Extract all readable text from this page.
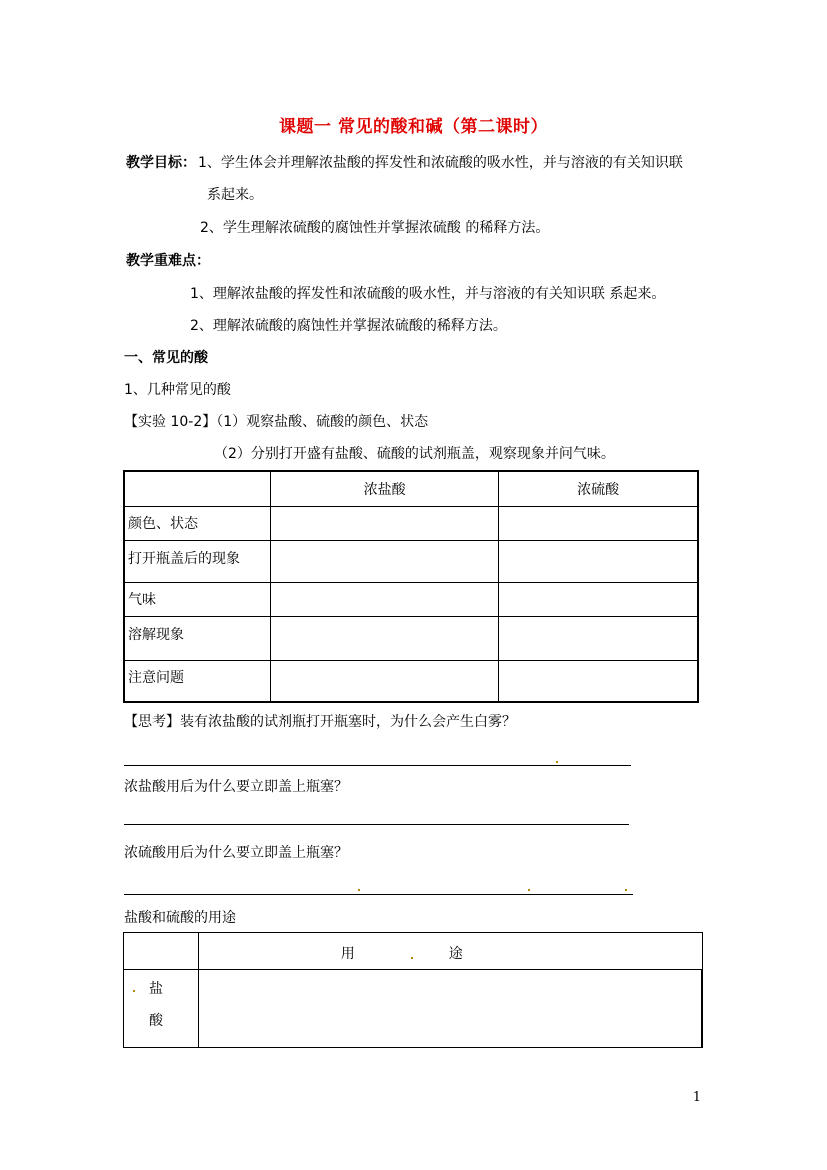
课题一 常见的酸和碱（第二课时）
教学目标： 1、学生体会并理解浓盐酸的挥发性和浓硫酸的吸水性，并与溶液的有关知识联
系起来。
2、学生理解浓硫酸的腐蚀性并掌握浓硫酸 的稀释方法。
教学重难点：
1、理解浓盐酸的挥发性和浓硫酸的吸水性，并与溶液的有关知识联 系起来。
2、理解浓硫酸的腐蚀性并掌握浓硫酸的稀释方法。
一、常见的酸
1、几种常见的酸
【实验 10-2】（1）观察盐酸、硫酸的颜色、状态
（2）分别打开盛有盐酸、硫酸的试剂瓶盖，观察现象并问气味。
	浓盐酸	浓硫酸
颜色、状态		
打开瓶盖后的现象		
气味		
溶解现象		
注意问题		
【思考】装有浓盐酸的试剂瓶打开瓶塞时，为什么会产生白雾？
浓盐酸用后为什么要立即盖上瓶塞？
浓硫酸用后为什么要立即盖上瓶塞？
盐酸和硫酸的用途

	用 途

盐
酸	

1
